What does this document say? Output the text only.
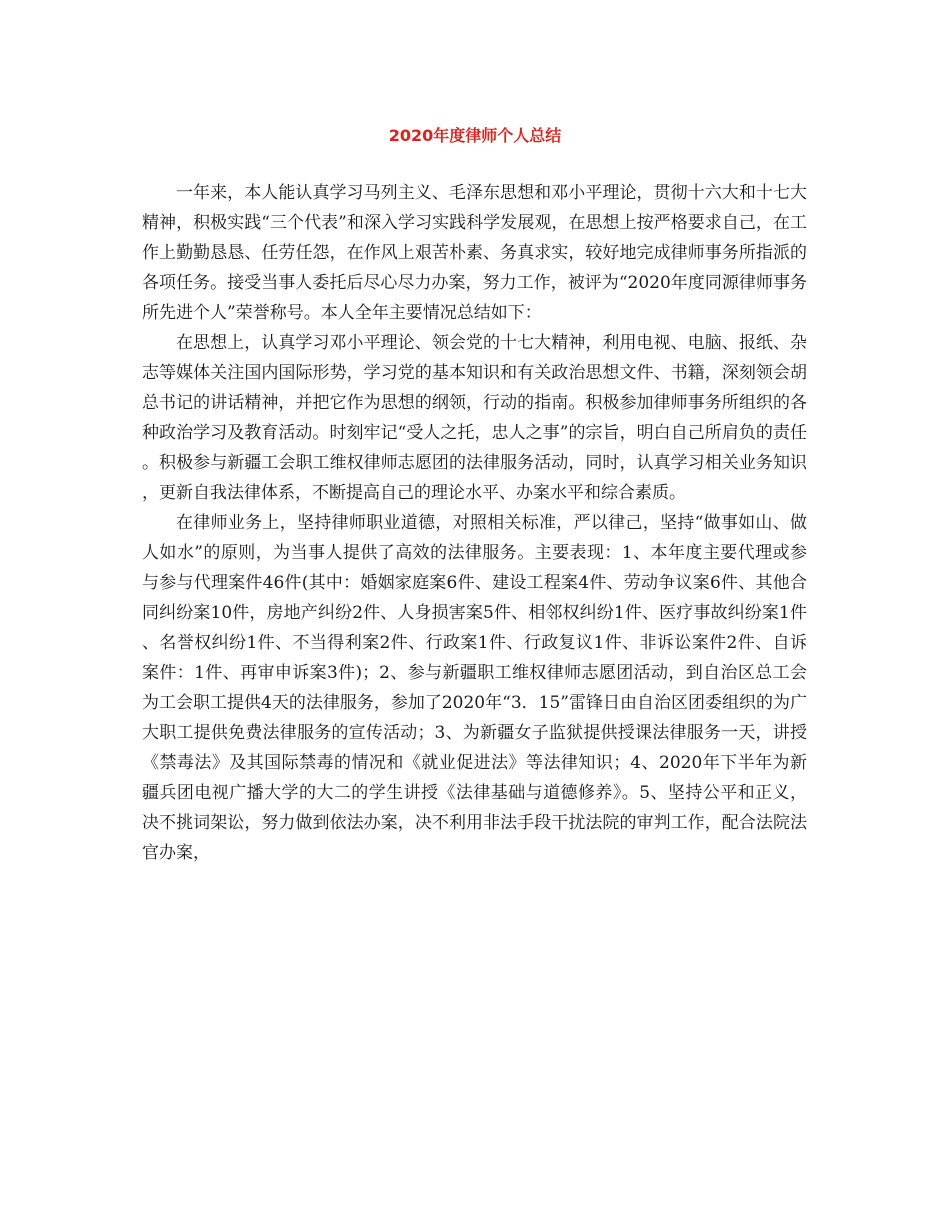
2020年度律师个人总结

一年来，本人能认真学习马列主义、毛泽东思想和邓小平理论，贯彻十六大和十七大精神，积极实践“三个代表”和深入学习实践科学发展观，在思想上按严格要求自己，在工作上勤勤恳恳、任劳任怨，在作风上艰苦朴素、务真求实，较好地完成律师事务所指派的各项任务。接受当事人委托后尽心尽力办案，努力工作，被评为“2020年度同源律师事务所先进个人”荣誉称号。本人全年主要情况总结如下：

在思想上，认真学习邓小平理论、领会党的十七大精神，利用电视、电脑、报纸、杂志等媒体关注国内国际形势，学习党的基本知识和有关政治思想文件、书籍，深刻领会胡总书记的讲话精神，并把它作为思想的纲领，行动的指南。积极参加律师事务所组织的各种政治学习及教育活动。时刻牢记“受人之托，忠人之事”的宗旨，明白自己所肩负的责任。积极参与新疆工会职工维权律师志愿团的法律服务活动，同时，认真学习相关业务知识，更新自我法律体系，不断提高自己的理论水平、办案水平和综合素质。

在律师业务上，坚持律师职业道德，对照相关标准，严以律己，坚持“做事如山、做人如水”的原则，为当事人提供了高效的法律服务。主要表现：1、本年度主要代理或参与参与代理案件46件(其中：婚姻家庭案6件、建设工程案4件、劳动争议案6件、其他合同纠纷案10件，房地产纠纷2件、人身损害案5件、相邻权纠纷1件、医疗事故纠纷案1件、名誉权纠纷1件、不当得利案2件、行政案1件、行政复议1件、非诉讼案件2件、自诉案件：1件、再审申诉案3件)；2、参与新疆职工维权律师志愿团活动，到自治区总工会为工会职工提供4天的法律服务，参加了2020年“3．15”雷锋日由自治区团委组织的为广大职工提供免费法律服务的宣传活动；3、为新疆女子监狱提供授课法律服务一天，讲授《禁毒法》及其国际禁毒的情况和《就业促进法》等法律知识；4、2020年下半年为新疆兵团电视广播大学的大二的学生讲授《法律基础与道德修养》。5、坚持公平和正义，决不挑词架讼，努力做到依法办案，决不利用非法手段干扰法院的审判工作，配合法院法官办案，
